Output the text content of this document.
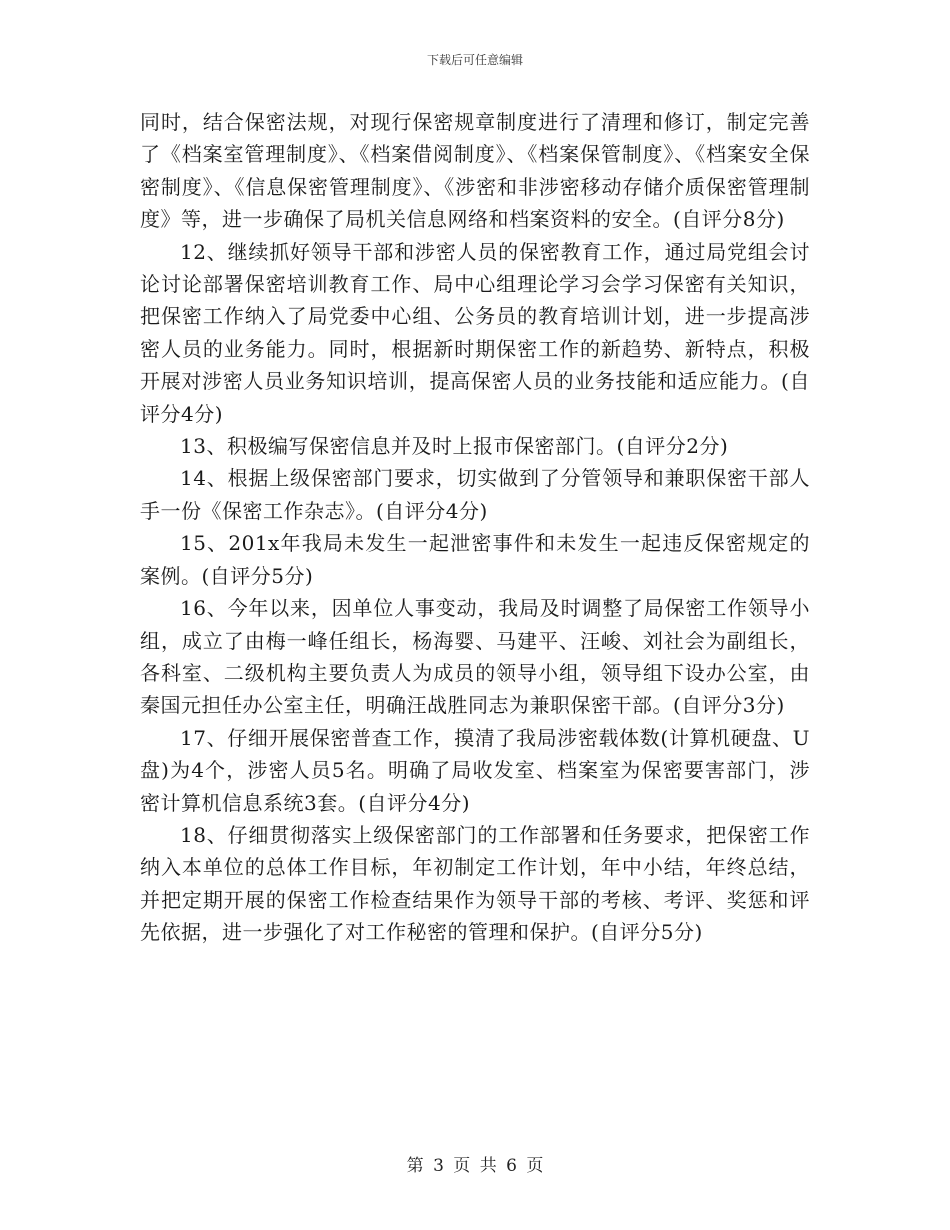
下载后可任意编辑

同时，结合保密法规，对现行保密规章制度进行了清理和修订，制定完善了《档案室管理制度》、《档案借阅制度》、《档案保管制度》、《档案安全保密制度》、《信息保密管理制度》、《涉密和非涉密移动存储介质保密管理制度》等，进一步确保了局机关信息网络和档案资料的安全。(自评分8分)

12、继续抓好领导干部和涉密人员的保密教育工作，通过局党组会讨论讨论部署保密培训教育工作、局中心组理论学习会学习保密有关知识，把保密工作纳入了局党委中心组、公务员的教育培训计划，进一步提高涉密人员的业务能力。同时，根据新时期保密工作的新趋势、新特点，积极开展对涉密人员业务知识培训，提高保密人员的业务技能和适应能力。(自评分4分)

13、积极编写保密信息并及时上报市保密部门。(自评分2分)

14、根据上级保密部门要求，切实做到了分管领导和兼职保密干部人手一份《保密工作杂志》。(自评分4分)

15、201x年我局未发生一起泄密事件和未发生一起违反保密规定的案例。(自评分5分)

16、今年以来，因单位人事变动，我局及时调整了局保密工作领导小组，成立了由梅一峰任组长，杨海婴、马建平、汪峻、刘社会为副组长，各科室、二级机构主要负责人为成员的领导小组，领导组下设办公室，由秦国元担任办公室主任，明确汪战胜同志为兼职保密干部。(自评分3分)

17、仔细开展保密普查工作，摸清了我局涉密载体数(计算机硬盘、U盘)为4个，涉密人员5名。明确了局收发室、档案室为保密要害部门，涉密计算机信息系统3套。(自评分4分)

18、仔细贯彻落实上级保密部门的工作部署和任务要求，把保密工作纳入本单位的总体工作目标，年初制定工作计划，年中小结，年终总结，并把定期开展的保密工作检查结果作为领导干部的考核、考评、奖惩和评先依据，进一步强化了对工作秘密的管理和保护。(自评分5分)

第 3 页 共 6 页
